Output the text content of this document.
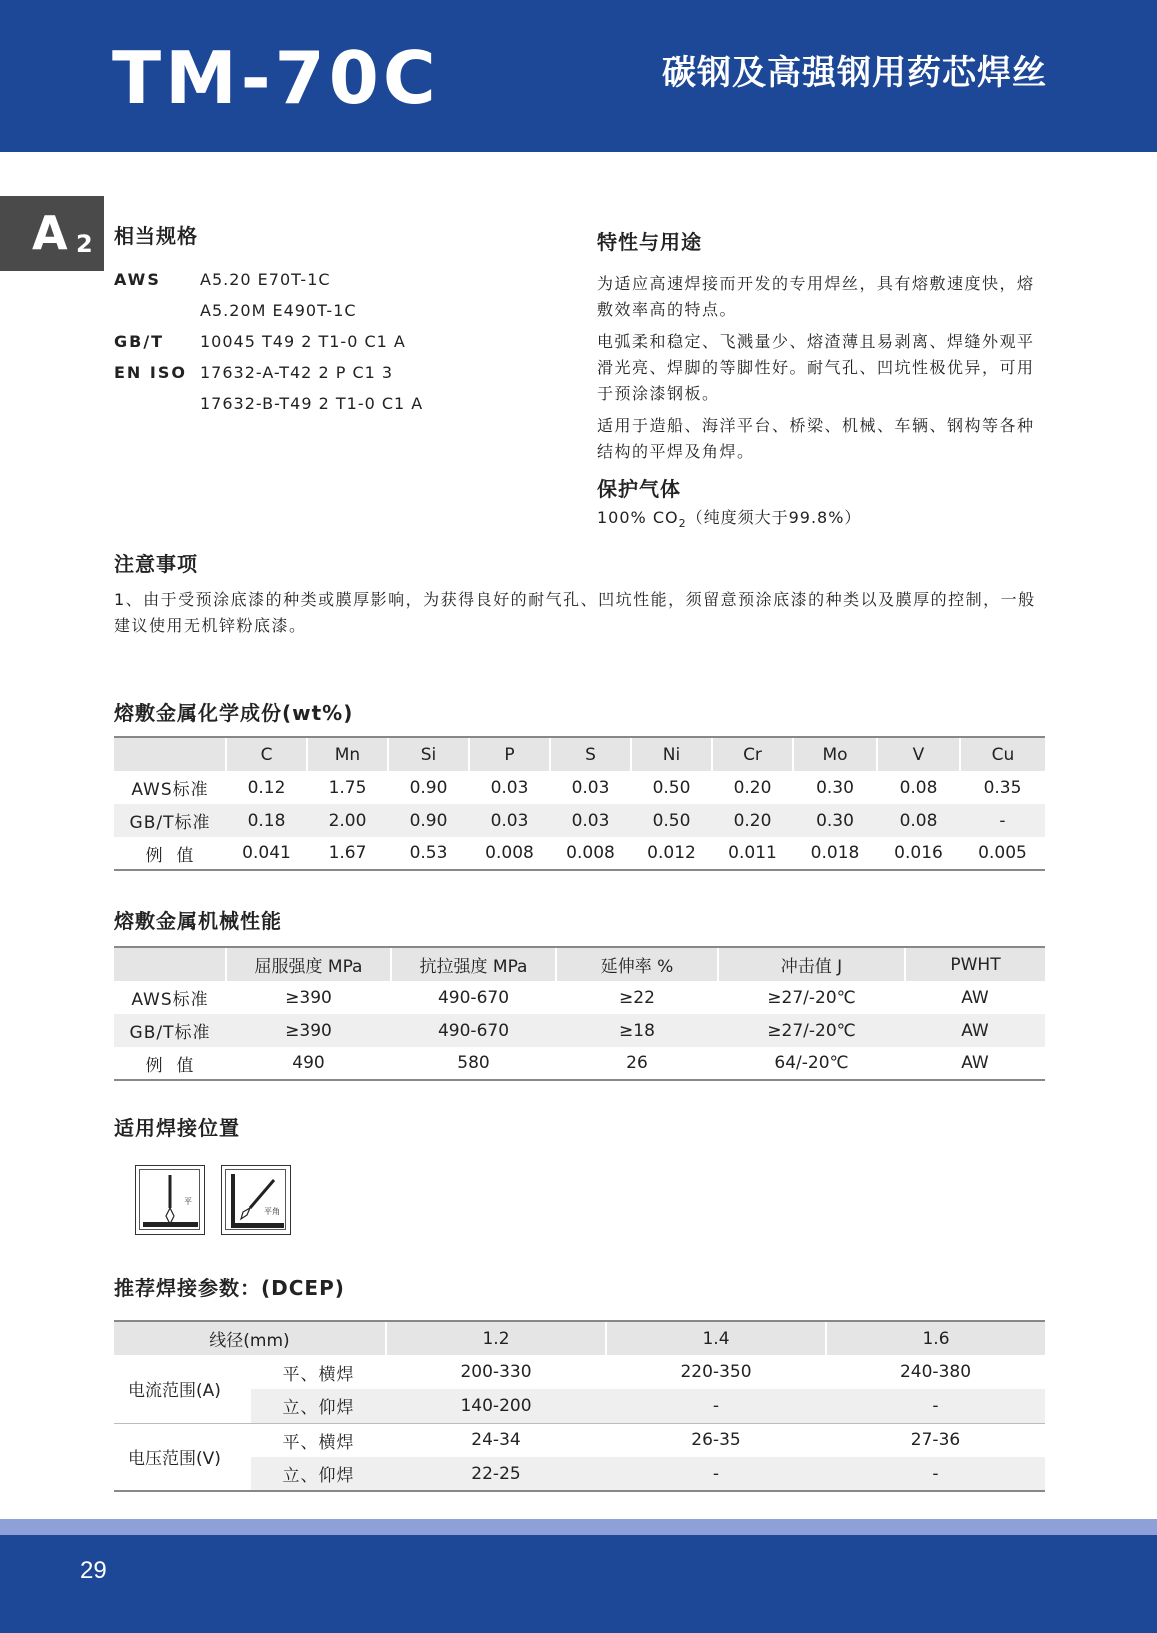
TM-70C	碳钢及高强钢用药芯焊丝
A 2 相当规格
AWS A5.20 E70T-1C
A5.20M E490T-1C
GB/T 10045 T49 2 T1-0 C1 A
EN ISO 17632-A-T42 2 P C1 3
17632-B-T49 2 T1-0 C1 A
特性与用途
为适应高速焊接而开发的专用焊丝，具有熔敷速度快，熔敷效率高的特点。
电弧柔和稳定、飞溅量少、熔渣薄且易剥离、焊缝外观平滑光亮、焊脚的等脚性好。耐气孔、凹坑性极优异，可用于预涂漆钢板。
适用于造船、海洋平台、桥梁、机械、车辆、钢构等各种结构的平焊及角焊。
保护气体
100% $CO_2$（纯度须大于99.8%）
注意事项
1、由于受预涂底漆的种类或膜厚影响，为获得良好的耐气孔、凹坑性能，须留意预涂底漆的种类以及膜厚的控制，一般建议使用无机锌粉底漆。
熔敷金属化学成份(wt%)
	C	Mn	Si	P	S	Ni	Cr	Mo	V	Cu
AWS标准	0.12	1.75	0.90	0.03	0.03	0.50	0.20	0.30	0.08	0.35
GB/T标准	0.18	2.00	0.90	0.03	0.03	0.50	0.20	0.30	0.08	-
例  值	0.041	1.67	0.53	0.008	0.008	0.012	0.011	0.018	0.016	0.005
熔敷金属机械性能
	屈服强度 MPa	抗拉强度 MPa	延伸率 %	冲击值 J	PWHT
AWS标准	≥390	490-670	≥22	≥27/-20℃	AW
GB/T标准	≥390	490-670	≥18	≥27/-20℃	AW
例  值	490	580	26	64/-20℃	AW
适用焊接位置
平
平角
推荐焊接参数：(DCEP)
线径(mm)		1.2	1.4	1.6
电流范围(A)	平、横焊	200-330	220-350	240-380
	立、仰焊	140-200	-	-
电压范围(V)	平、横焊	24-34	26-35	27-36
	立、仰焊	22-25	-	-
29
